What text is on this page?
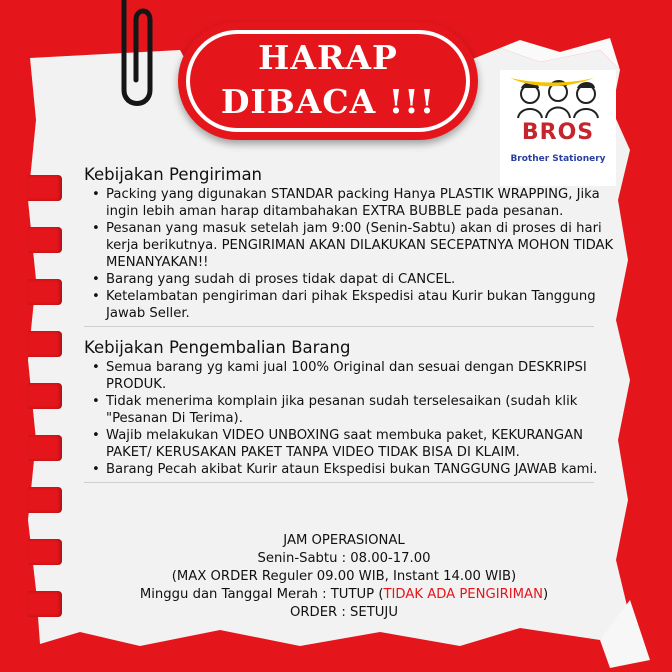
HARAP
DIBACA !!!
BROS
Brother Stationery
Kebijakan Pengiriman
• Packing yang digunakan STANDAR packing Hanya PLASTIK WRAPPING, Jika ingin lebih aman harap ditambahakan EXTRA BUBBLE pada pesanan.
• Pesanan yang masuk setelah jam 9:00 (Senin-Sabtu) akan di proses di hari kerja berikutnya. PENGIRIMAN AKAN DILAKUKAN SECEPATNYA MOHON TIDAK MENANYAKAN!!
• Barang yang sudah di proses tidak dapat di CANCEL.
• Ketelambatan pengiriman dari pihak Ekspedisi atau Kurir bukan Tanggung Jawab Seller.
Kebijakan Pengembalian Barang
• Semua barang yg kami jual 100% Original dan sesuai dengan DESKRIPSI PRODUK.
• Tidak menerima komplain jika pesanan sudah terselesaikan (sudah klik "Pesanan Di Terima).
• Wajib melakukan VIDEO UNBOXING saat membuka paket, KEKURANGAN PAKET/ KERUSAKAN PAKET TANPA VIDEO TIDAK BISA DI KLAIM.
• Barang Pecah akibat Kurir ataun Ekspedisi bukan TANGGUNG JAWAB kami.
JAM OPERASIONAL
Senin-Sabtu : 08.00-17.00
(MAX ORDER Reguler 09.00 WIB, Instant 14.00 WIB)
Minggu dan Tanggal Merah : TUTUP (TIDAK ADA PENGIRIMAN)
ORDER : SETUJU
